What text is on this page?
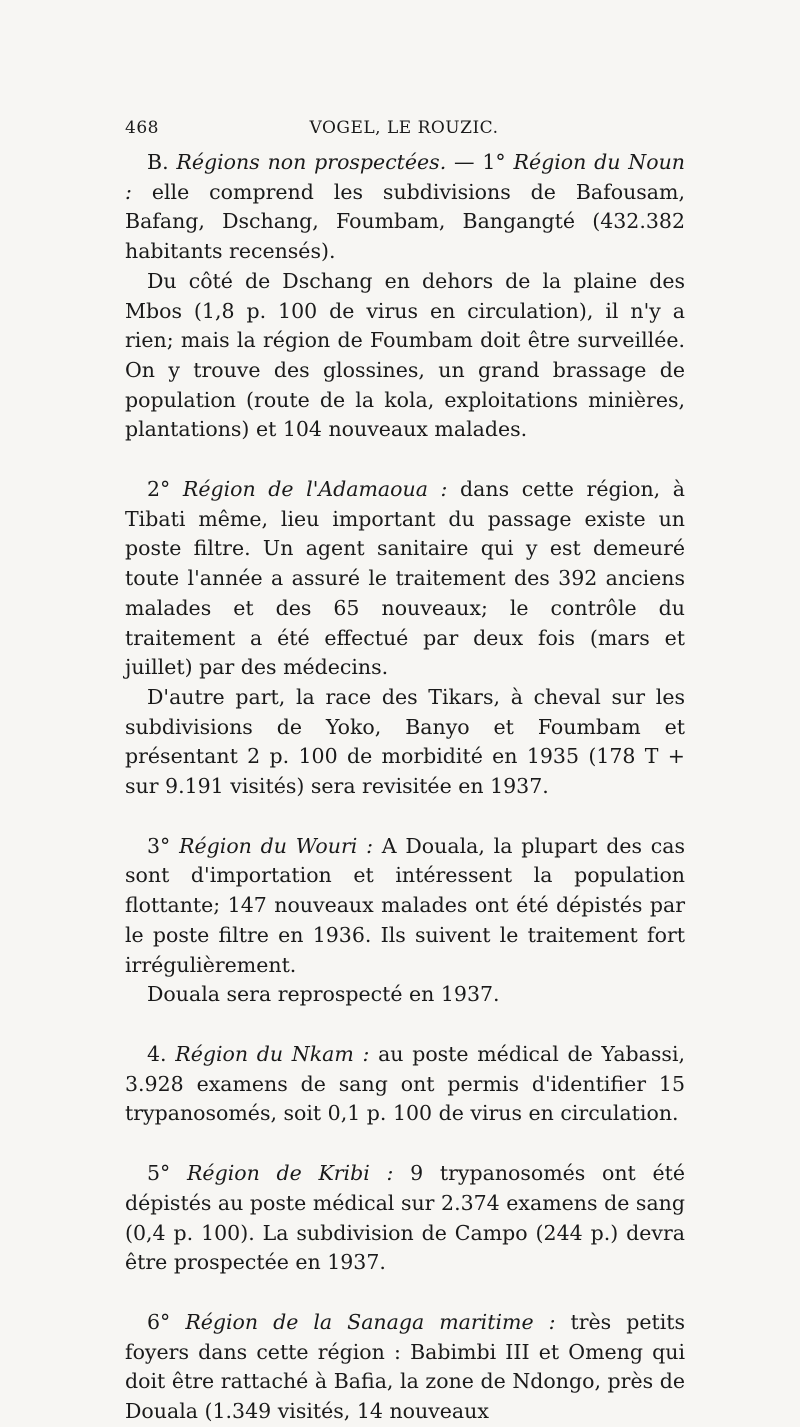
468	VOGEL, LE ROUZIC.

B. Régions non prospectées. — 1° Région du Noun : elle comprend les subdivisions de Bafousam, Bafang, Dschang, Foumbam, Bangangté (432.382 habitants recensés).

Du côté de Dschang en dehors de la plaine des Mbos (1,8 p. 100 de virus en circulation), il n'y a rien; mais la région de Foumbam doit être surveillée. On y trouve des glossines, un grand brassage de population (route de la kola, exploitations minières, plantations) et 104 nouveaux malades.

2° Région de l'Adamaoua : dans cette région, à Tibati même, lieu important du passage existe un poste filtre. Un agent sanitaire qui y est demeuré toute l'année a assuré le traitement des 392 anciens malades et des 65 nouveaux; le contrôle du traitement a été effectué par deux fois (mars et juillet) par des médecins.

D'autre part, la race des Tikars, à cheval sur les subdivisions de Yoko, Banyo et Foumbam et présentant 2 p. 100 de morbidité en 1935 (178 T + sur 9.191 visités) sera revisitée en 1937.

3° Région du Wouri : A Douala, la plupart des cas sont d'importation et intéressent la population flottante; 147 nouveaux malades ont été dépistés par le poste filtre en 1936. Ils suivent le traitement fort irrégulièrement.

Douala sera reprospecté en 1937.

4. Région du Nkam : au poste médical de Yabassi, 3.928 examens de sang ont permis d'identifier 15 trypanosomés, soit 0,1 p. 100 de virus en circulation.

5° Région de Kribi : 9 trypanosomés ont été dépistés au poste médical sur 2.374 examens de sang (0,4 p. 100). La subdivision de Campo (244 p.) devra être prospectée en 1937.

6° Région de la Sanaga maritime : très petits foyers dans cette région : Babimbi III et Omeng qui doit être rattaché à Bafia, la zone de Ndongo, près de Douala (1.349 visités, 14 nouveaux
